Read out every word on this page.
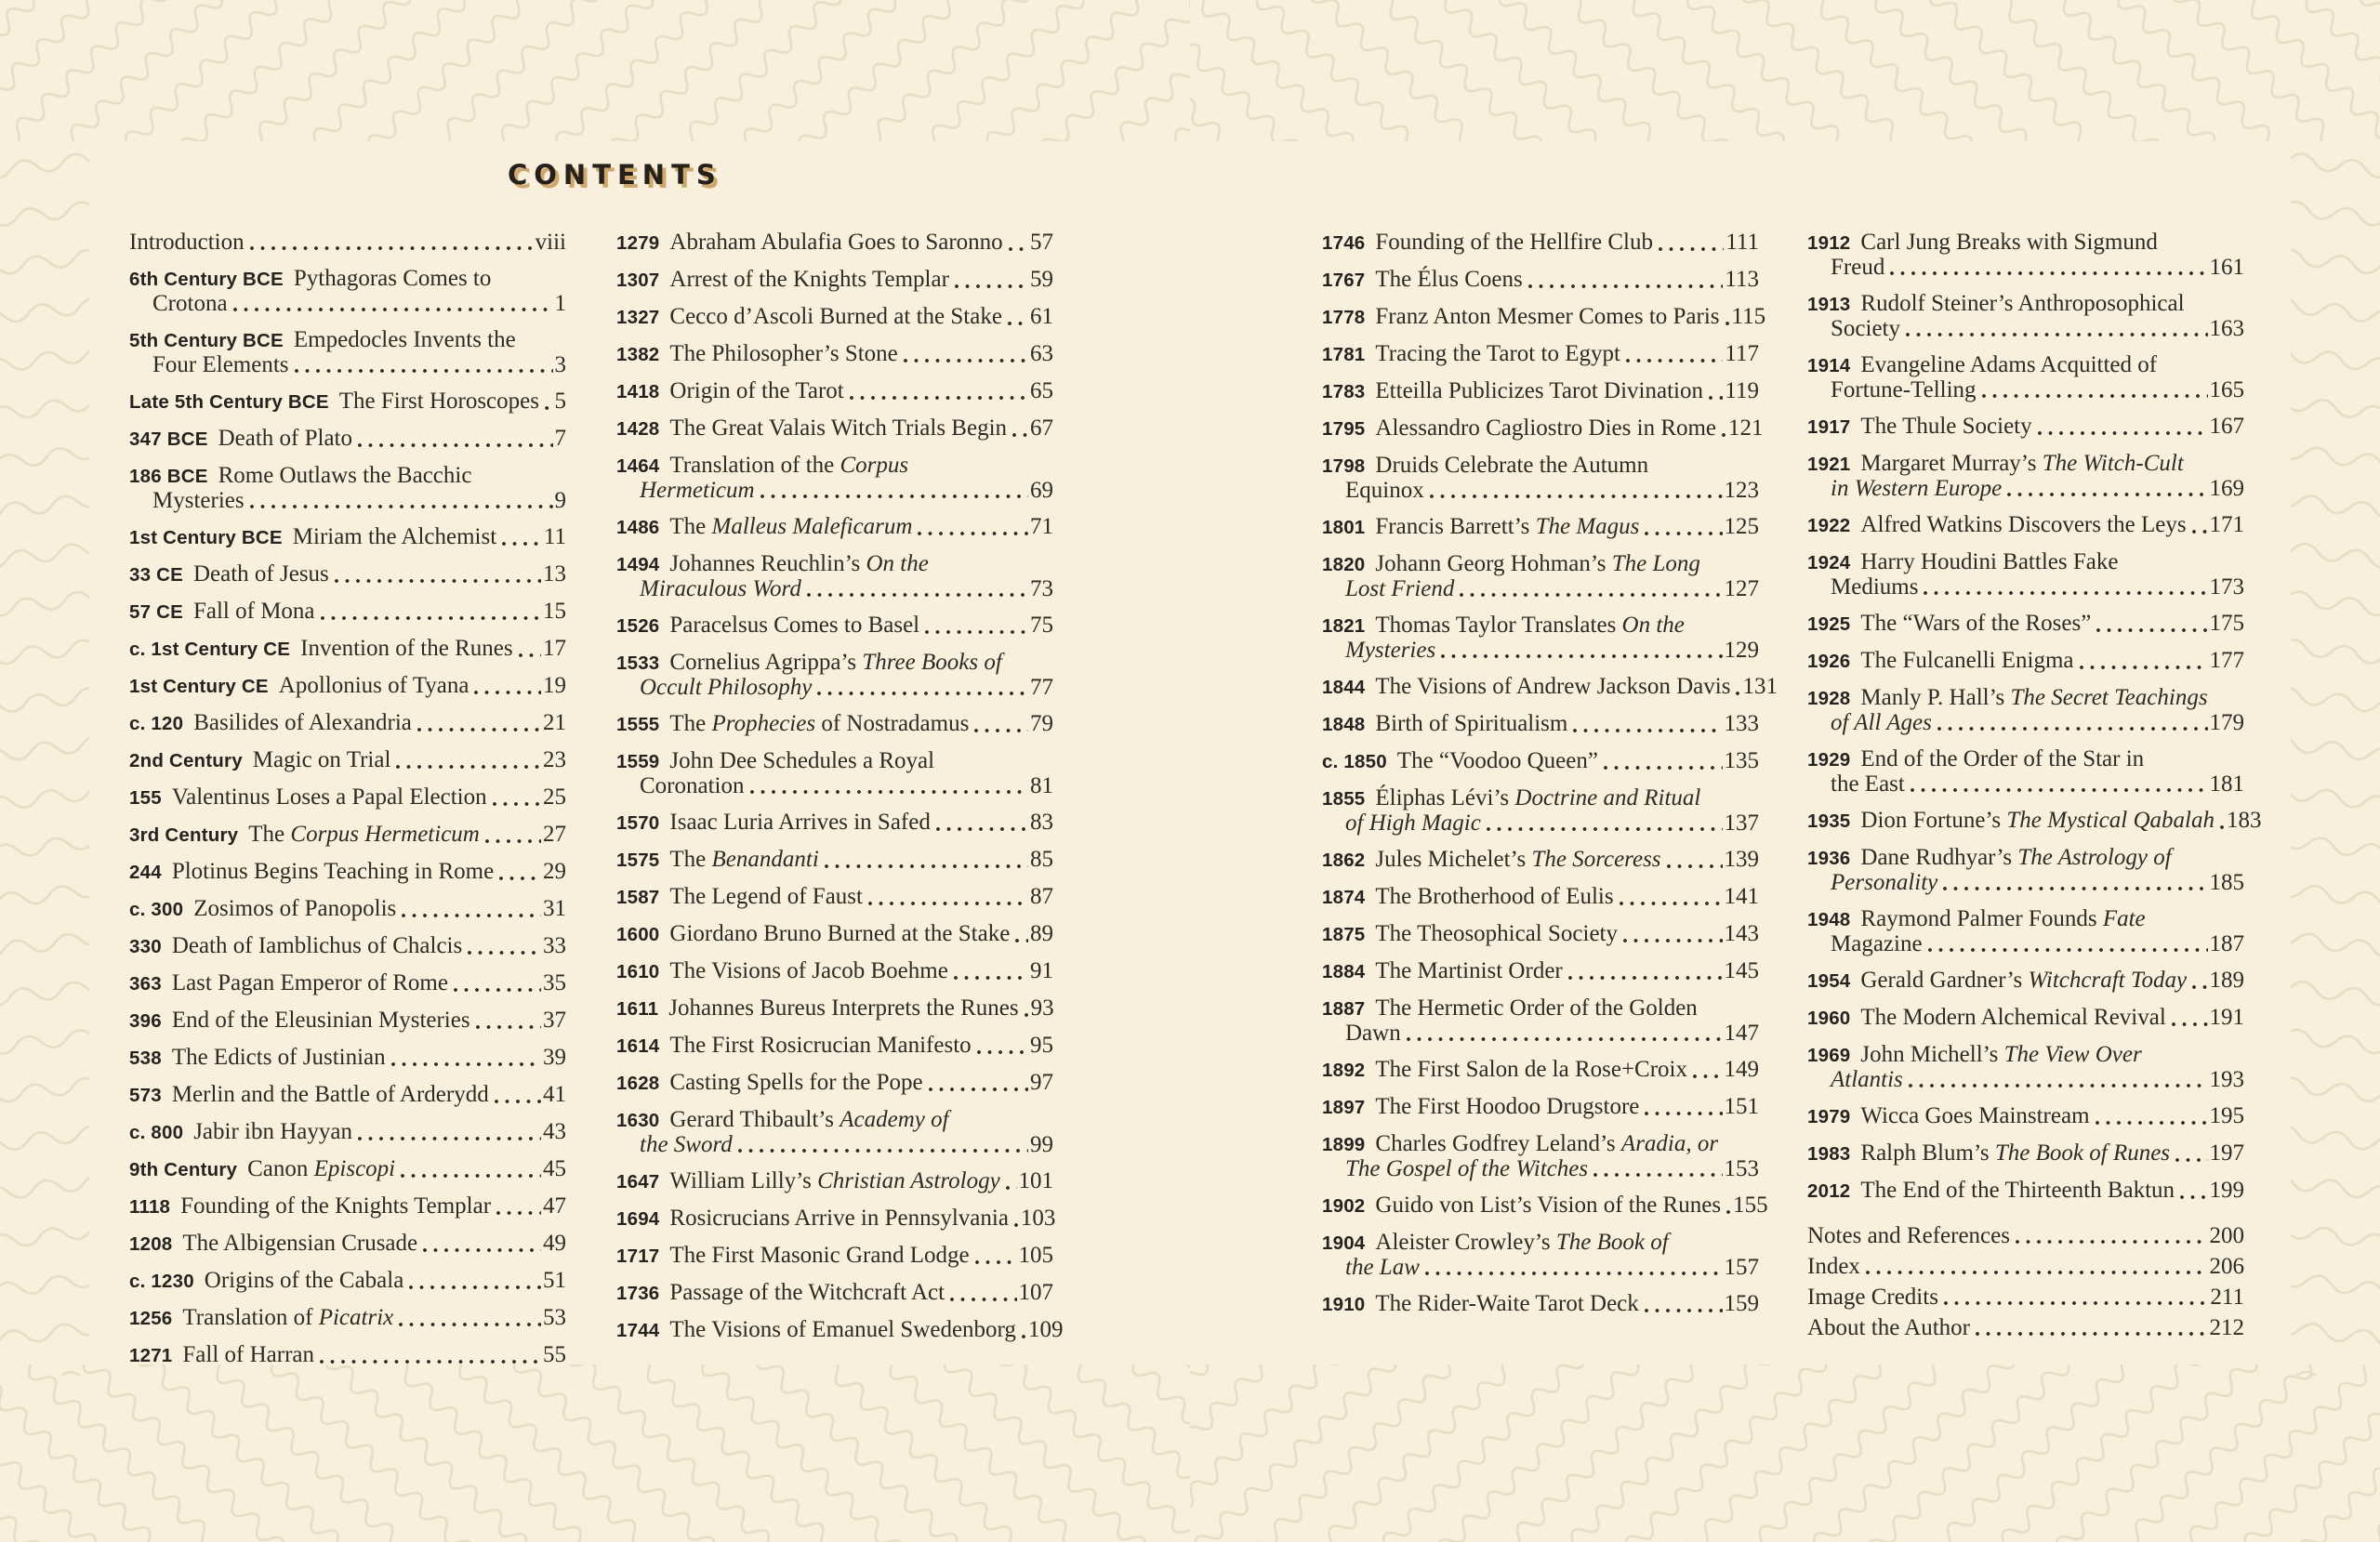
CONTENTS
Introduction	viii
6th Century BCE Pythagoras Comes to
Crotona	1
5th Century BCE Empedocles Invents the
Four Elements	3
Late 5th Century BCE The First Horoscopes 5
347 BCE Death of Plato	7
186 BCE Rome Outlaws the Bacchic
Mysteries	9
1st Century BCE Miriam the Alchemist 11
33 CE Death of Jesus	13
57 CE Fall of Mona	15
c. 1st Century CE Invention of the Runes 17
1st Century CE Apollonius of Tyana	19
c. 120 Basilides of Alexandria	21
2nd Century Magic on Trial	23
155 Valentinus Loses a Papal Election 25
3rd Century The Corpus Hermeticum	27
244 Plotinus Begins Teaching in Rome 29
c. 300 Zosimos of Panopolis	31
330 Death of Iamblichus of Chalcis	33
363 Last Pagan Emperor of Rome	35
396 End of the Eleusinian Mysteries	37
538 The Edicts of Justinian	39
573 Merlin and the Battle of Arderydd 41
c. 800 Jabir ibn Hayyan	43
9th Century Canon Episcopi	45
1118 Founding of the Knights Templar 47
1208 The Albigensian Crusade	49
c. 1230 Origins of the Cabala	51
1256 Translation of Picatrix	53
1271 Fall of Harran	55
1279 Abraham Abulafia Goes to Saronno 57
1307 Arrest of the Knights Templar	59
1327 Cecco d’Ascoli Burned at the Stake 61
1382 The Philosopher’s Stone	63
1418 Origin of the Tarot	65
1428 The Great Valais Witch Trials Begin 67
1464 Translation of the Corpus
Hermeticum	69
1486 The Malleus Maleficarum	71
1494 Johannes Reuchlin’s On the
Miraculous Word	73
1526 Paracelsus Comes to Basel	75
1533 Cornelius Agrippa’s Three Books of
Occult Philosophy	77
1555 The Prophecies of Nostradamus	79
1559 John Dee Schedules a Royal
Coronation	81
1570 Isaac Luria Arrives in Safed	83
1575 The Benandanti	85
1587 The Legend of Faust	87
1600 Giordano Bruno Burned at the Stake 89
1610 The Visions of Jacob Boehme	91
1611 Johannes Bureus Interprets the Runes 93
1614 The First Rosicrucian Manifesto	95
1628 Casting Spells for the Pope	97
1630 Gerard Thibault’s Academy of
the Sword	99
1647 William Lilly’s Christian Astrology 101
1694 Rosicrucians Arrive in Pennsylvania 103
1717 The First Masonic Grand Lodge 105
1736 Passage of the Witchcraft Act	107
1744 The Visions of Emanuel Swedenborg 109
1746 Founding of the Hellfire Club	111
1767 The Élus Coens	113
1778 Franz Anton Mesmer Comes to Paris 115
1781 Tracing the Tarot to Egypt	117
1783 Etteilla Publicizes Tarot Divination 119
1795 Alessandro Cagliostro Dies in Rome 121
1798 Druids Celebrate the Autumn
Equinox	123
1801 Francis Barrett’s The Magus	125
1820 Johann Georg Hohman’s The Long
Lost Friend	127
1821 Thomas Taylor Translates On the
Mysteries	129
1844 The Visions of Andrew Jackson Davis 131
1848 Birth of Spiritualism	133
c. 1850 The “Voodoo Queen”	135
1855 Éliphas Lévi’s Doctrine and Ritual
of High Magic	137
1862 Jules Michelet’s The Sorceress	139
1874 The Brotherhood of Eulis	141
1875 The Theosophical Society	143
1884 The Martinist Order	145
1887 The Hermetic Order of the Golden
Dawn	147
1892 The First Salon de la Rose+Croix 149
1897 The First Hoodoo Drugstore	151
1899 Charles Godfrey Leland’s Aradia, or
The Gospel of the Witches	153
1902 Guido von List’s Vision of the Runes 155
1904 Aleister Crowley’s The Book of
the Law	157
1910 The Rider-Waite Tarot Deck	159
1912 Carl Jung Breaks with Sigmund
Freud	161
1913 Rudolf Steiner’s Anthroposophical
Society	163
1914 Evangeline Adams Acquitted of
Fortune-Telling	165
1917 The Thule Society	167
1921 Margaret Murray’s The Witch-Cult
in Western Europe	169
1922 Alfred Watkins Discovers the Leys 171
1924 Harry Houdini Battles Fake
Mediums	173
1925 The “Wars of the Roses”	175
1926 The Fulcanelli Enigma	177
1928 Manly P. Hall’s The Secret Teachings
of All Ages	179
1929 End of the Order of the Star in
the East	181
1935 Dion Fortune’s The Mystical Qabalah 183
1936 Dane Rudhyar’s The Astrology of
Personality	185
1948 Raymond Palmer Founds Fate
Magazine	187
1954 Gerald Gardner’s Witchcraft Today 189
1960 The Modern Alchemical Revival 191
1969 John Michell’s The View Over
Atlantis	193
1979 Wicca Goes Mainstream	195
1983 Ralph Blum’s The Book of Runes 197
2012 The End of the Thirteenth Baktun 199
Notes and References	200
Index	206
Image Credits	211
About the Author	212
